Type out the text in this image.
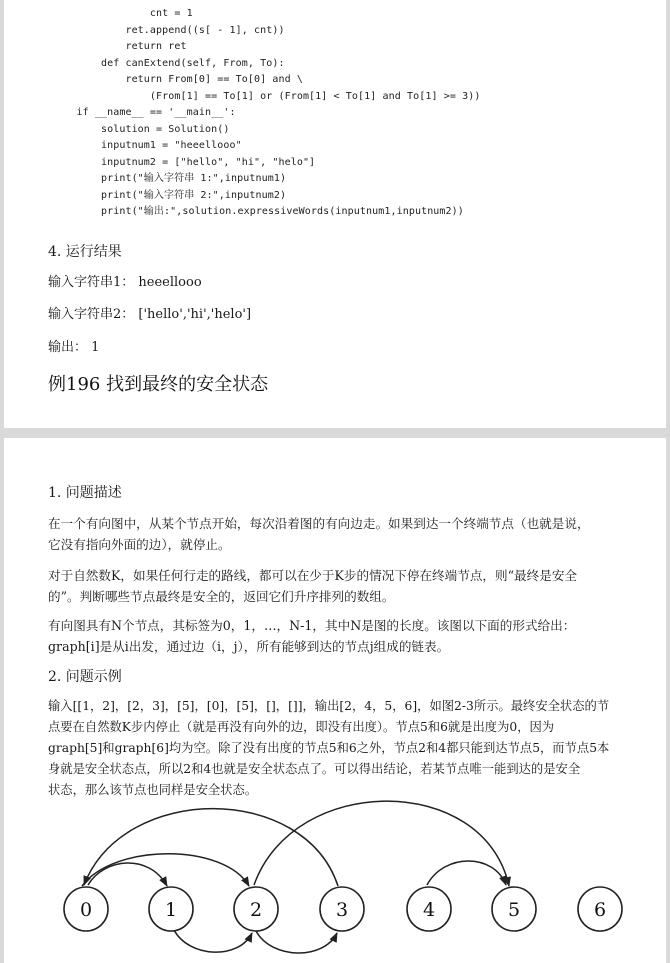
cnt = 1
ret.append((s[ - 1], cnt))
return ret
def canExtend(self, From, To):
return From[0] == To[0] and \
(From[1] == To[1] or (From[1] < To[1] and To[1] >= 3))
if __name__ == '__main__':
solution = Solution()
inputnum1 = "heeellooo"
inputnum2 = ["hello", "hi", "helo"]
print("输入字符串 1:",inputnum1)
print("输入字符串 2:",inputnum2)
print("输出:",solution.expressiveWords(inputnum1,inputnum2))
4. 运行结果
输入字符串1： heeellooo
输入字符串2： ['hello','hi','helo']
输出： 1
例196 找到最终的安全状态
1. 问题描述
在一个有向图中，从某个节点开始，每次沿着图的有向边走。如果到达一个终端节点（也就是说，
它没有指向外面的边），就停止。
对于自然数K，如果任何行走的路线，都可以在少于K步的情况下停在终端节点，则“最终是安全
的”。判断哪些节点最终是安全的，返回它们升序排列的数组。
有向图具有N个节点，其标签为0，1，…，N-1，其中N是图的长度。该图以下面的形式给出：
graph[i]是从i出发，通过边（i，j），所有能够到达的节点j组成的链表。
2. 问题示例
输入[[1，2]，[2，3]，[5]，[0]，[5]，[]，[]]，输出[2，4，5，6]，如图2-3所示。最终安全状态的节
点要在自然数K步内停止（就是再没有向外的边，即没有出度）。节点5和6就是出度为0，因为
graph[5]和graph[6]均为空。除了没有出度的节点5和6之外，节点2和4都只能到达节点5，而节点5本
身就是安全状态点，所以2和4也就是安全状态点了。可以得出结论，若某节点唯一能到达的是安全
状态，那么该节点也同样是安全状态。
0	1	2	3	4	5	6
